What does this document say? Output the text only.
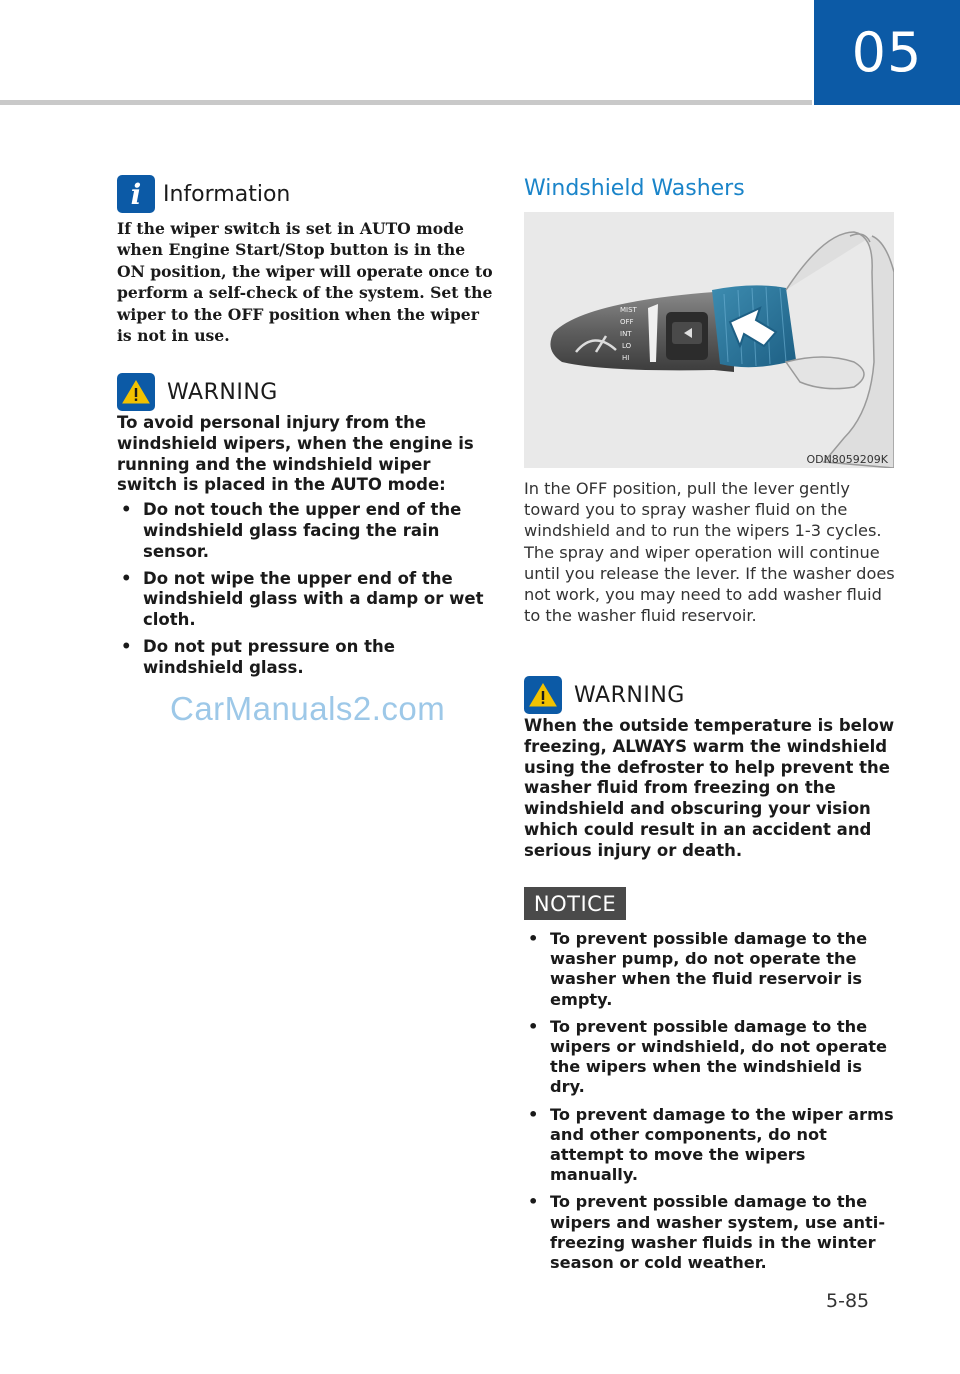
05
i Information
If the wiper switch is set in AUTO mode when Engine Start/Stop button is in the ON position, the wiper will operate once to perform a self-check of the system. Set the wiper to the OFF position when the wiper is not in use.
WARNING
To avoid personal injury from the windshield wipers, when the engine is running and the windshield wiper switch is placed in the AUTO mode:
• Do not touch the upper end of the windshield glass facing the rain sensor.
• Do not wipe the upper end of the windshield glass with a damp or wet cloth.
• Do not put pressure on the windshield glass.
CarManuals2.com
Windshield Washers
MIST
OFF
INT
LO
HI
ODN8059209K
In the OFF position, pull the lever gently toward you to spray washer fluid on the windshield and to run the wipers 1-3 cycles. The spray and wiper operation will continue until you release the lever. If the washer does not work, you may need to add washer fluid to the washer fluid reservoir.
WARNING
When the outside temperature is below freezing, ALWAYS warm the windshield using the defroster to help prevent the washer fluid from freezing on the windshield and obscuring your vision which could result in an accident and serious injury or death.
NOTICE
• To prevent possible damage to the washer pump, do not operate the washer when the fluid reservoir is empty.
• To prevent possible damage to the wipers or windshield, do not operate the wipers when the windshield is dry.
• To prevent damage to the wiper arms and other components, do not attempt to move the wipers manually.
• To prevent possible damage to the wipers and washer system, use anti-freezing washer fluids in the winter season or cold weather.
5-85
